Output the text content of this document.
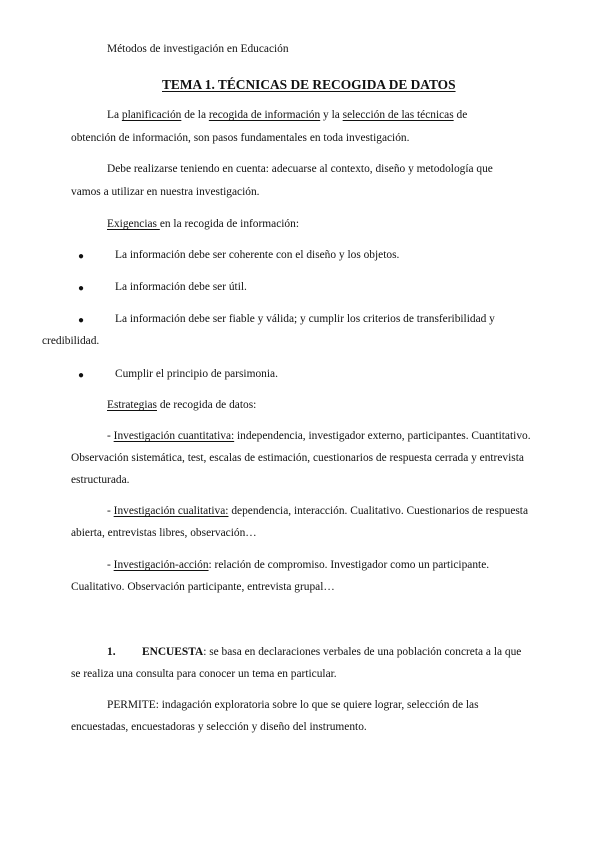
Métodos de investigación en Educación

TEMA 1. TÉCNICAS DE RECOGIDA DE DATOS

La planificación de la recogida de información y la selección de las técnicas de

obtención de información, son pasos fundamentales en toda investigación.

Debe realizarse teniendo en cuenta: adecuarse al contexto, diseño y metodología que

vamos a utilizar en nuestra investigación.

Exigencias en la recogida de información:

●	La información debe ser coherente con el diseño y los objetos.

●	La información debe ser útil.

●	La información debe ser fiable y válida; y cumplir los criterios de transferibilidad y

credibilidad.

●	Cumplir el principio de parsimonia.

Estrategias de recogida de datos:

- Investigación cuantitativa: independencia, investigador externo, participantes. Cuantitativo.

Observación sistemática, test, escalas de estimación, cuestionarios de respuesta cerrada y entrevista

estructurada.

- Investigación cualitativa: dependencia, interacción. Cualitativo. Cuestionarios de respuesta

abierta, entrevistas libres, observación…

- Investigación-acción: relación de compromiso. Investigador como un participante.

Cualitativo. Observación participante, entrevista grupal…

1. ENCUESTA: se basa en declaraciones verbales de una población concreta a la que

se realiza una consulta para conocer un tema en particular.

PERMITE: indagación exploratoria sobre lo que se quiere lograr, selección de las

encuestadas, encuestadoras y selección y diseño del instrumento.
